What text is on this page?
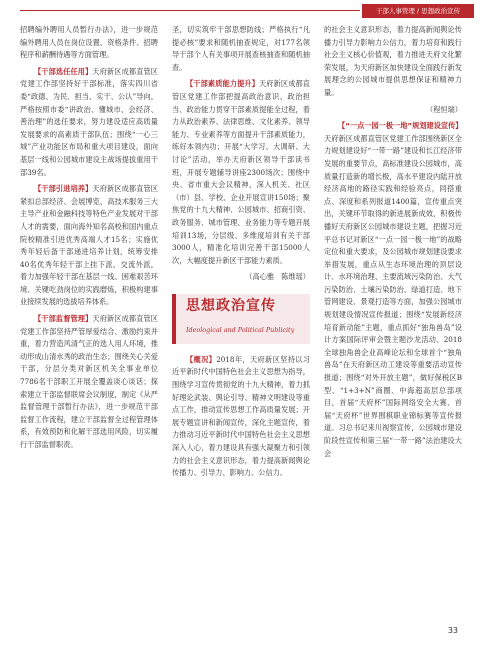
干部人事管理 / 思想政治宣传

招聘编外聘用人员暂行办法》，进一步规范编外聘用人员在岗位设置、资格条件、招聘程序和薪酬待遇等方面管理。

【干部选任任用】天府新区成都直管区党建工作部坚持好干部标准，落实四川省委“政德、为民、担当、实干、公认”导向，严格按照市委“讲政治、懂城市、会经济、善治理”的选任要求，努力建设适应高质量发展要求的高素质干部队伍；围绕“一心三城”产业功能区布局和重大项目建设，面向基层一线和公园城市建设主战场提拔重用干部39名。

【干部引进培养】天府新区成都直管区紧扣总部经济、会展博览、高技术服务三大主导产业和金融科技等特色产业发展对干部人才的需要，面向海外知名高校和国内重点院校精准引进优秀高端人才15名；实施优秀年轻后备干部递进培养计划，统筹安排40名优秀年轻干部上挂下派、交流外派，着力加强年轻干部在基层一线、困难艰苦环境、关键吃劲岗位的实践磨炼，积极构建事业接续发展的选拔培养体系。

【干部监督管理】天府新区成都直管区党建工作部坚持严管厚爱结合、激励约束并重，着力营造风清气正的选人用人环境，推动形成山清水秀的政治生态；围绕关心关爱干部，分层分类对新区机关全事业单位7786名干部职工开展全覆盖谈心谈话；探索建立干部监督联席会议制度，制定《从严监督管理干部暂行办法》，进一步规范干部监督工作流程，建立干部监督全过程管理体系，有效预防和化解干部选用风险，切实履行干部监督职责。

圣，切实筑牢干部思想防线；严格执行“凡提必核”要求和随机抽查规定，对177名领导干部个人有关事项开展查核抽查和随机抽查。

【干部素质能力提升】天府新区成都直管区党建工作部把提高政治意识、政治担当、政治能力贯穿干部素质提能全过程，着力从政治素养、法律思维、文化素养、领导能力、专业素养等方面提升干部素质能力，练好本领内功；开展“大学习、大调研、大讨论”活动，举办天府新区领导干部读书班，开展专题辅导讲座2300场次；围绕中央、省市重大会议精神，深入机关、社区（市）县、学校、企业开展宣讲150场；聚焦党的十九大精神、公园城市、招商引资、政务服务、城市管理、业务能力等专题开展培训13场，分层级、多维度培训有关干部3000人，精准化培训完善干部15000人次，大幅度提升新区干部能力素质。

（高心雅　陈维瑶）

思想政治宣传
Ideological and Political Publicity

【概况】2018年，天府新区坚持以习近平新时代中国特色社会主义思想为指导，围绕学习宣传贯彻党的十九大精神，着力抓好理论武装、舆论引导、精神文明建设等重点工作，推动宣传思想工作高质量发展；开展专题宣讲和新闻宣传，深化主题宣传，着力推动习近平新时代中国特色社会主义思想深入人心，着力建设具有强大凝聚力和引领力的社会主义意识形态，着力提高新闻舆论传播力、引导力、影响力、公信力。

的社会主义意识形态，着力提高新闻舆论传播力引导力影响力公信力，着力培育和践行社会主义核心价值观，着力推进天府文化繁荣发展，为天府新区加快建设全面践行新发展理念的公园城市提供思想保证和精神力量。

（程恒瑞）

【“一点一园一极一地”规划建设宣传】天府新区成都直管区党建工作部围绕新区全力规划建设好“一带一路”建设和长江经济带发展的重要节点，高标准建设公园城市，高质量打造新的增长极，高水平建设内陆开放经济高地的路径实践和经验亮点，同搭重点、深度和系列报道1400篇，宣传重点突出，关键环节取得的新进展新成效，积极传播好天府新区公园城市建设主题，把握习近平总书记对新区“一点一园一极一地”的战略定位和重大要求，及公园城市规划建设要求举措发展，重点从生态环境治理的顶层设计、水环境治理、主要流域污染防治、大气污染防治、土壤污染防治、绿道打造、地下管网建设、景观打造等方面，加强公园城市规划建设情况宣传报道；围绕“发展新经济培育新动能”主题，重点抓好“独角兽岛”设计方案国际评审会暨主题沙龙活动、2018全球独角兽企业高峰论坛和全球首个“独角兽岛”在天府新区动工建设等重要活动宣传报道；围绕“对外开放主题”，做好保税区B型、“1+3+N”商圈、中海超高层总部项目，首届“天府杯”国际网络安全大赛、首届“天府杯”世界围棋职业锦标赛等宣传报道。习总书记来川视察宣传，公园城市建设阶段性宣传和第三届“一带一路”法治建设大会

33
